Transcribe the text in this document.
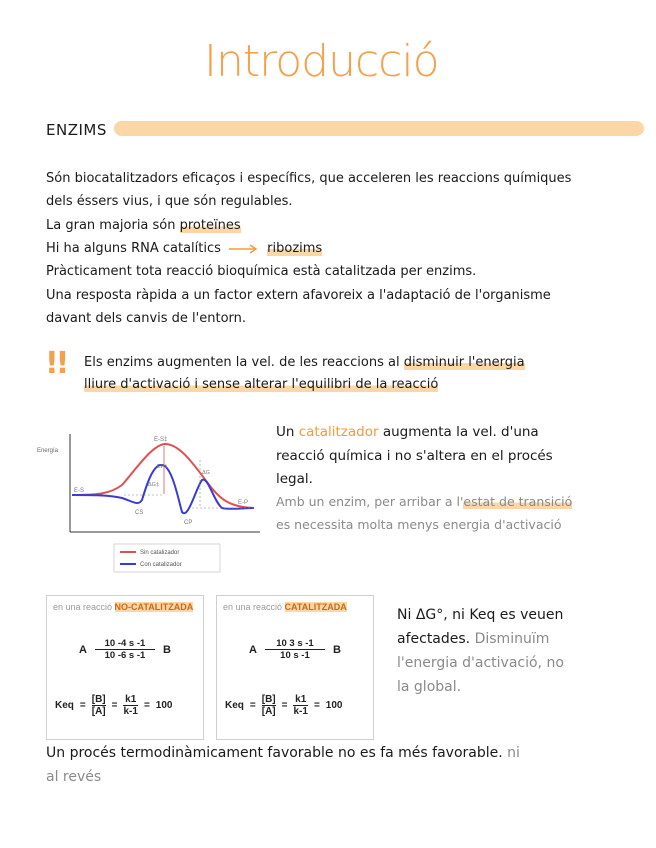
Introducció
ENZIMS
Són biocatalitzadors eficaços i específics, que acceleren les reaccions químiques
dels éssers vius, i que són regulables.
La gran majoria són proteïnes
Hi ha alguns RNA catalítics	ribozims
Pràcticament tota reacció bioquímica està catalitzada per enzims.
Una resposta ràpida a un factor extern afavoreix a l'adaptació de l'organisme
davant dels canvis de l'entorn.
!! Els enzims augmenten la vel. de les reaccions al disminuir l'energia
lliure d'activació i sense alterar l'equilibri de la reacció
Energía
E-S
E-S‡
EP‡
ΔG‡
ΔG
CS
CP
E-P
Sin catalizador
Con catalizador
Un catalitzador augmenta la vel. d'una
reacció química i no s'altera en el procés
legal.
Amb un enzim, per arribar a l'estat de transició
es necessita molta menys energia d'activació
en una reacció NO-CATALITZADA
A $\frac{10 -4 s -1}{10 -6 s -1}$ B
Keq = $\frac{[B]}{[A]} = \frac{k1}{k-1} = 100$
en una reacció CATALITZADA
A $\frac{10 3 s -1}{10 s -1}$ B
Keq = $\frac{[B]}{[A]} = \frac{k1}{k-1} = 100$
Ni ΔG°, ni Keq es veuen
afectades. Disminuïm
l'energia d'activació, no
la global.
Un procés termodinàmicament favorable no es fa més favorable. ni
al revés
